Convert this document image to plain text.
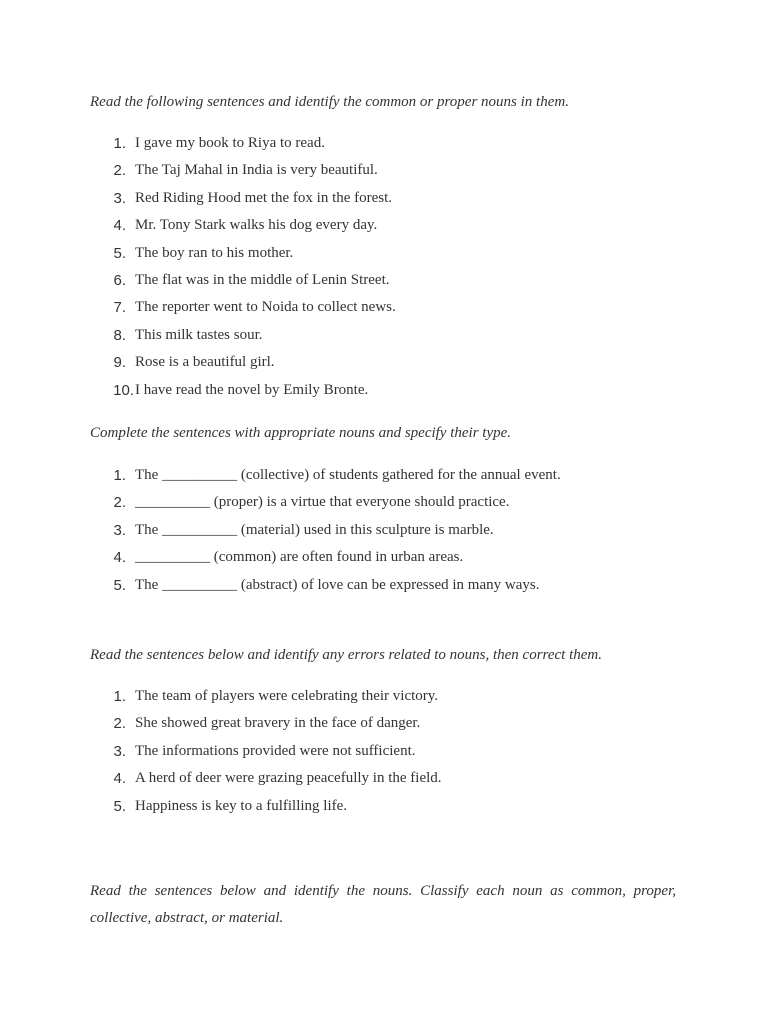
Read the following sentences and identify the common or proper nouns in them.

1. I gave my book to Riya to read.
2. The Taj Mahal in India is very beautiful.
3. Red Riding Hood met the fox in the forest.
4. Mr. Tony Stark walks his dog every day.
5. The boy ran to his mother.
6. The flat was in the middle of Lenin Street.
7. The reporter went to Noida to collect news.
8. This milk tastes sour.
9. Rose is a beautiful girl.
10. I have read the novel by Emily Bronte.

Complete the sentences with appropriate nouns and specify their type.

1. The __________ (collective) of students gathered for the annual event.
2. __________ (proper) is a virtue that everyone should practice.
3. The __________ (material) used in this sculpture is marble.
4. __________ (common) are often found in urban areas.
5. The __________ (abstract) of love can be expressed in many ways.

Read the sentences below and identify any errors related to nouns, then correct them.

1. The team of players were celebrating their victory.
2. She showed great bravery in the face of danger.
3. The informations provided were not sufficient.
4. A herd of deer were grazing peacefully in the field.
5. Happiness is key to a fulfilling life.

Read the sentences below and identify the nouns. Classify each noun as common, proper, collective, abstract, or material.
